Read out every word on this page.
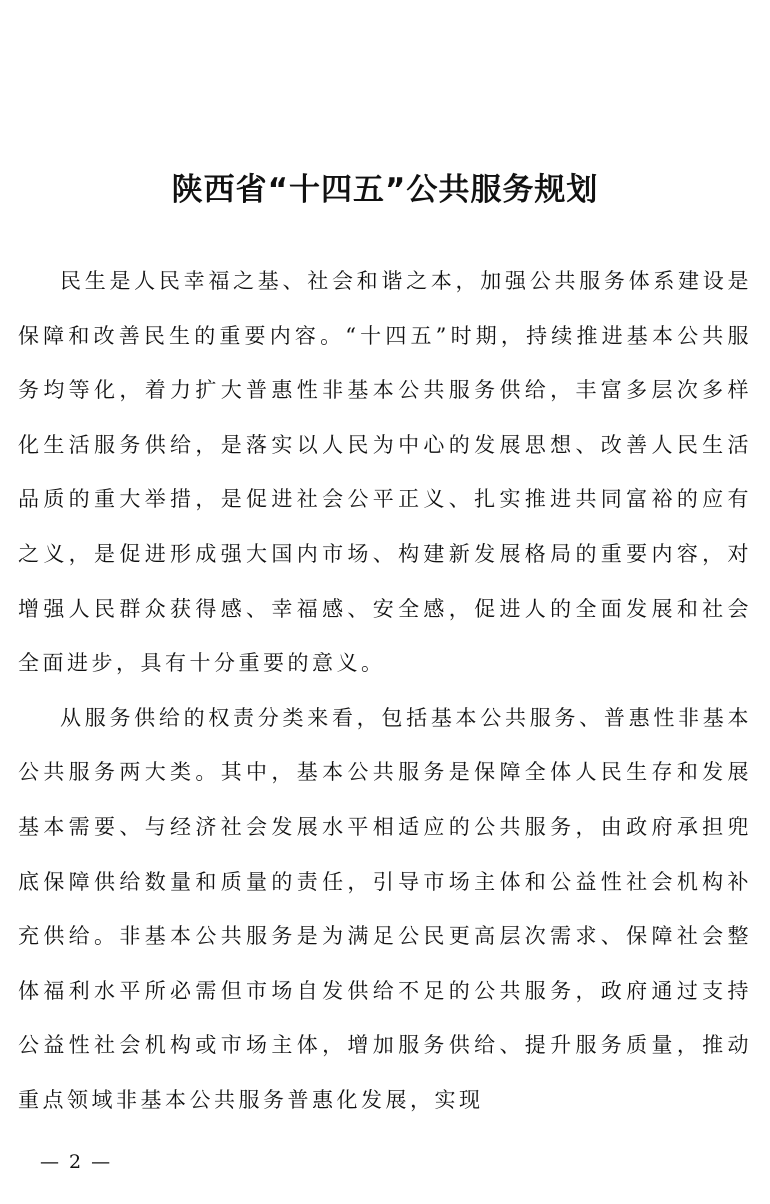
陕西省“十四五”公共服务规划

民生是人民幸福之基、社会和谐之本，加强公共服务体系建设是保障和改善民生的重要内容。“十四五”时期，持续推进基本公共服务均等化，着力扩大普惠性非基本公共服务供给，丰富多层次多样化生活服务供给，是落实以人民为中心的发展思想、改善人民生活品质的重大举措，是促进社会公平正义、扎实推进共同富裕的应有之义，是促进形成强大国内市场、构建新发展格局的重要内容，对增强人民群众获得感、幸福感、安全感，促进人的全面发展和社会全面进步，具有十分重要的意义。

从服务供给的权责分类来看，包括基本公共服务、普惠性非基本公共服务两大类。其中，基本公共服务是保障全体人民生存和发展基本需要、与经济社会发展水平相适应的公共服务，由政府承担兜底保障供给数量和质量的责任，引导市场主体和公益性社会机构补充供给。非基本公共服务是为满足公民更高层次需求、保障社会整体福利水平所必需但市场自发供给不足的公共服务，政府通过支持公益性社会机构或市场主体，增加服务供给、提升服务质量，推动重点领域非基本公共服务普惠化发展，实现

— 2 —
